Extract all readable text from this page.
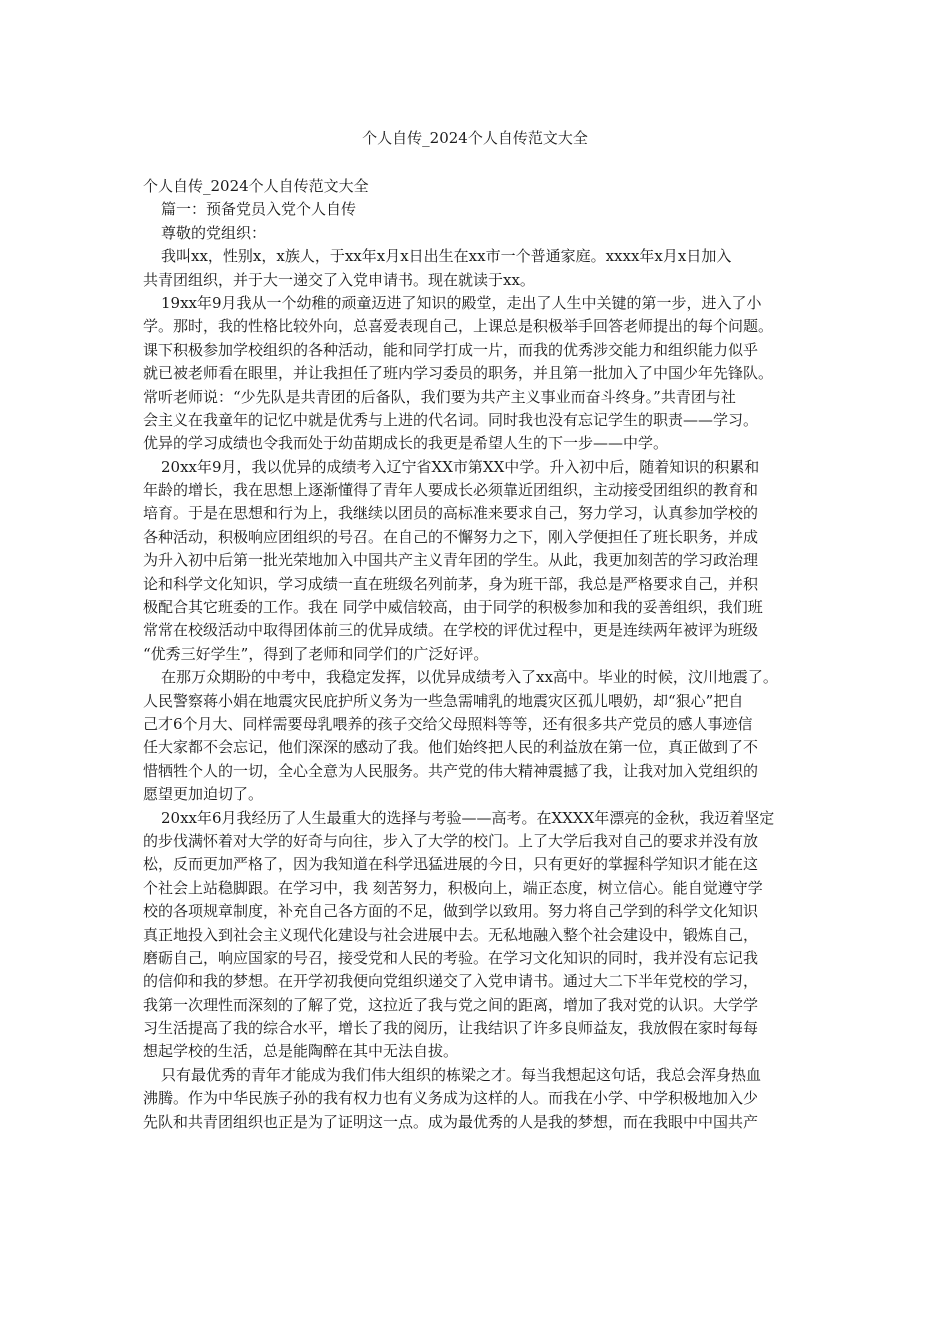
个人自传_2024个人自传范文大全
个人自传_2024个人自传范文大全
篇一：预备党员入党个人自传
尊敬的党组织：
我叫xx，性别x，x族人，于xx年x月x日出生在xx市一个普通家庭。xxxx年x月x日加入
共青团组织，并于大一递交了入党申请书。现在就读于xx。
19xx年9月我从一个幼稚的顽童迈进了知识的殿堂，走出了人生中关键的第一步，进入了小
学。那时，我的性格比较外向，总喜爱表现自己，上课总是积极举手回答老师提出的每个问题。
课下积极参加学校组织的各种活动，能和同学打成一片，而我的优秀涉交能力和组织能力似乎
就已被老师看在眼里，并让我担任了班内学习委员的职务，并且第一批加入了中国少年先锋队。
常听老师说：“少先队是共青团的后备队，我们要为共产主义事业而奋斗终身。”共青团与社
会主义在我童年的记忆中就是优秀与上进的代名词。同时我也没有忘记学生的职责——学习。
优异的学习成绩也令我而处于幼苗期成长的我更是希望人生的下一步——中学。
20xx年9月，我以优异的成绩考入辽宁省XX市第XX中学。升入初中后，随着知识的积累和
年龄的增长，我在思想上逐渐懂得了青年人要成长必须靠近团组织，主动接受团组织的教育和
培育。于是在思想和行为上，我继续以团员的高标准来要求自己，努力学习，认真参加学校的
各种活动，积极响应团组织的号召。在自己的不懈努力之下，刚入学便担任了班长职务，并成
为升入初中后第一批光荣地加入中国共产主义青年团的学生。从此，我更加刻苦的学习政治理
论和科学文化知识，学习成绩一直在班级名列前茅，身为班干部，我总是严格要求自己，并积
极配合其它班委的工作。我在 同学中威信较高，由于同学的积极参加和我的妥善组织，我们班
常常在校级活动中取得团体前三的优异成绩。在学校的评优过程中，更是连续两年被评为班级
“优秀三好学生”，得到了老师和同学们的广泛好评。
在那万众期盼的中考中，我稳定发挥，以优异成绩考入了xx高中。毕业的时候，汶川地震了。
人民警察蒋小娟在地震灾民庇护所义务为一些急需哺乳的地震灾区孤儿喂奶，却“狠心”把自
己才6个月大、同样需要母乳喂养的孩子交给父母照料等等，还有很多共产党员的感人事迹信
任大家都不会忘记，他们深深的感动了我。他们始终把人民的利益放在第一位，真正做到了不
惜牺牲个人的一切，全心全意为人民服务。共产党的伟大精神震撼了我，让我对加入党组织的
愿望更加迫切了。
20xx年6月我经历了人生最重大的选择与考验——高考。在XXXX年漂亮的金秋，我迈着坚定
的步伐满怀着对大学的好奇与向往，步入了大学的校门。上了大学后我对自己的要求并没有放
松，反而更加严格了，因为我知道在科学迅猛进展的今日，只有更好的掌握科学知识才能在这
个社会上站稳脚跟。在学习中，我 刻苦努力，积极向上，端正态度，树立信心。能自觉遵守学
校的各项规章制度，补充自己各方面的不足，做到学以致用。努力将自己学到的科学文化知识
真正地投入到社会主义现代化建设与社会进展中去。无私地融入整个社会建设中，锻炼自己，
磨砺自己，响应国家的号召，接受党和人民的考验。在学习文化知识的同时，我并没有忘记我
的信仰和我的梦想。在开学初我便向党组织递交了入党申请书。通过大二下半年党校的学习，
我第一次理性而深刻的了解了党，这拉近了我与党之间的距离，增加了我对党的认识。大学学
习生活提高了我的综合水平，增长了我的阅历，让我结识了许多良师益友，我放假在家时每每
想起学校的生活，总是能陶醉在其中无法自拔。
只有最优秀的青年才能成为我们伟大组织的栋梁之才。每当我想起这句话，我总会浑身热血
沸腾。作为中华民族子孙的我有权力也有义务成为这样的人。而我在小学、中学积极地加入少
先队和共青团组织也正是为了证明这一点。成为最优秀的人是我的梦想，而在我眼中中国共产
